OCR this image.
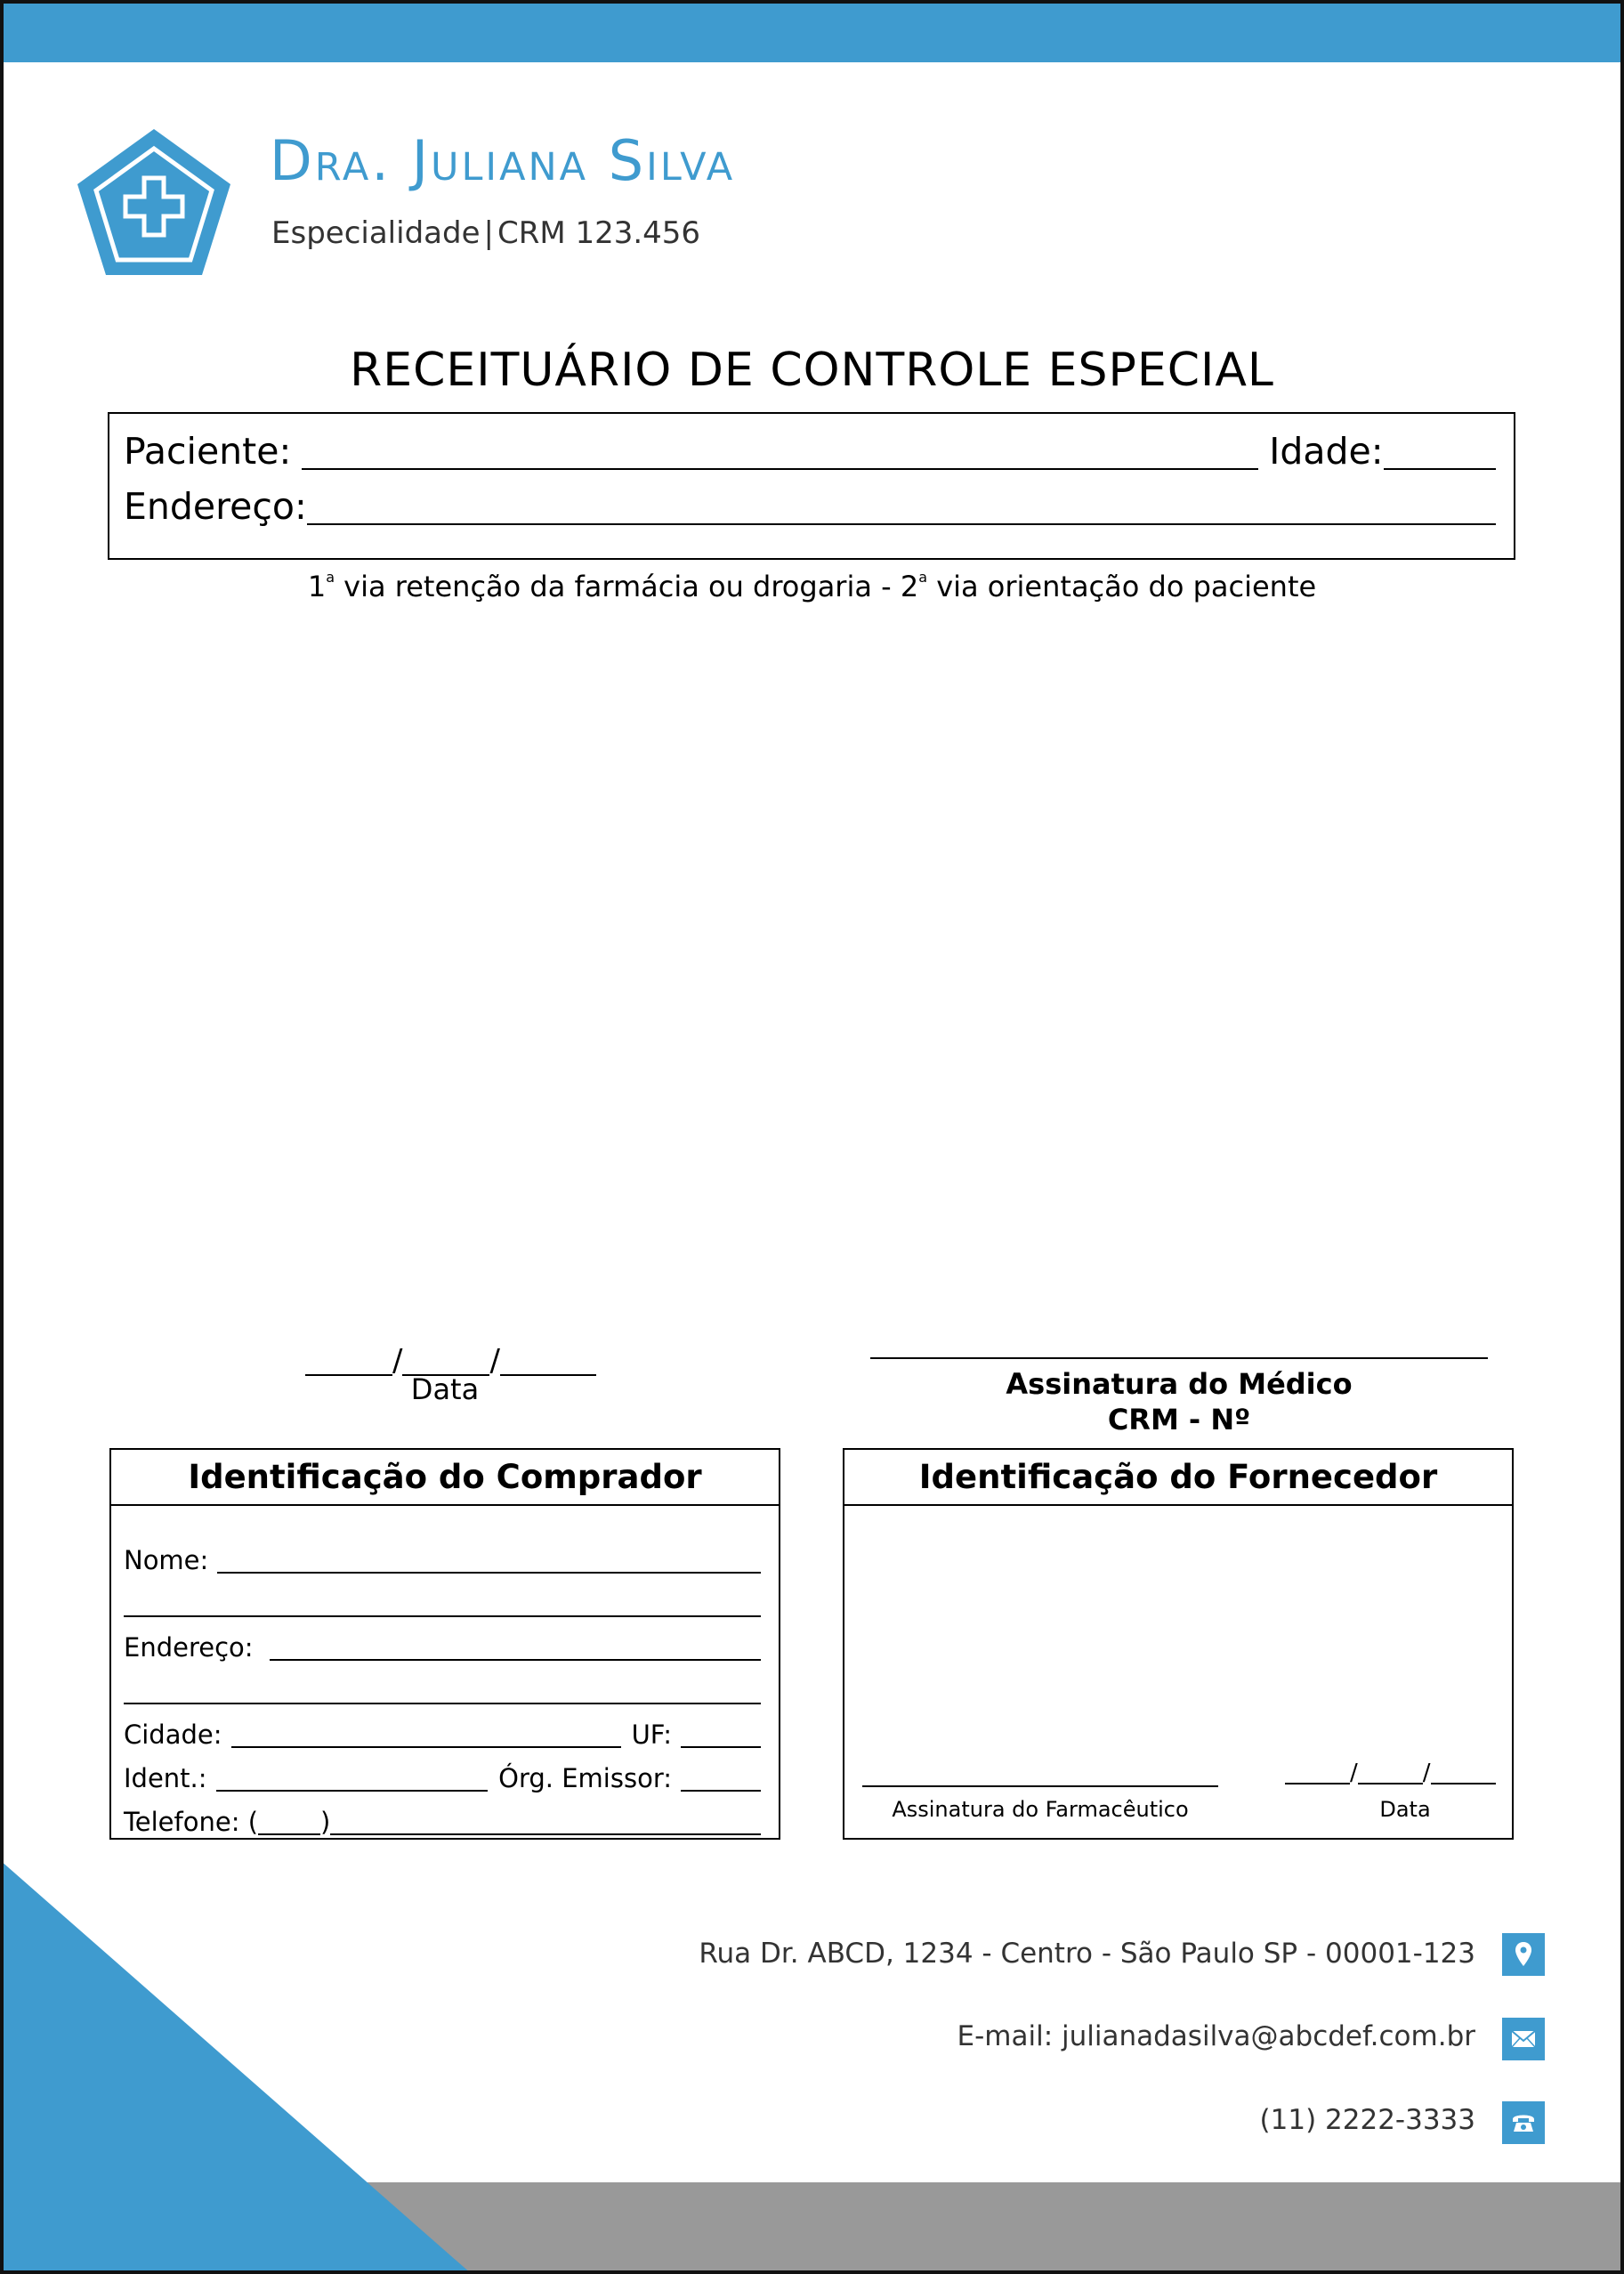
Dra. Juliana Silva
Especialidade | CRM 123.456
RECEITUÁRIO DE CONTROLE ESPECIAL
Paciente:	Idade:
Endereço:
1$^a$ via retenção da farmácia ou drogaria - 2$^a$ via orientação do paciente
/	/
Data	Assinatura do Médico
CRM - Nº
Identificação do Comprador
Nome:
Endereço:
Cidade:	UF:
Ident.:	Órg. Emissor:
Telefone: ( )
Identificação do Fornecedor
Assinatura do Farmacêutico
/	/
Data
Rua Dr. ABCD, 1234 - Centro - São Paulo SP - 00001-123
E-mail: julianadasilva@abcdef.com.br
(11) 2222-3333
